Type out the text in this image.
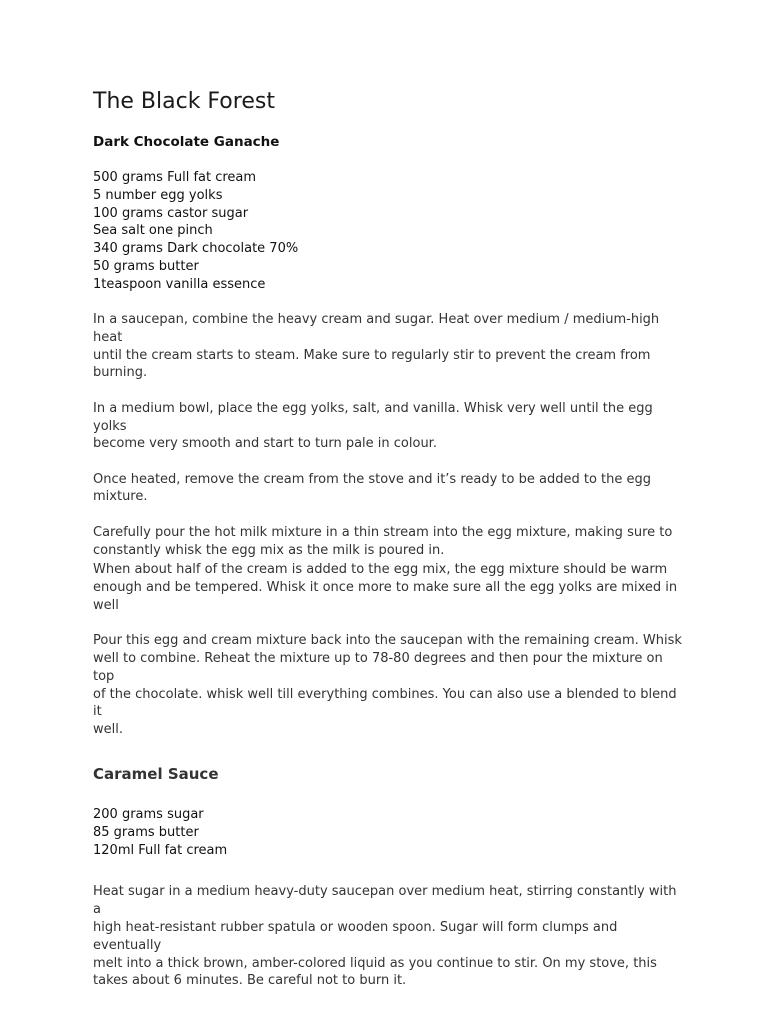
The Black Forest
Dark Chocolate Ganache
500 grams Full fat cream
5 number egg yolks
100 grams castor sugar
Sea salt one pinch
340 grams Dark chocolate 70%
50 grams butter
1teaspoon vanilla essence

In a saucepan, combine the heavy cream and sugar. Heat over medium / medium-high heat
until the cream starts to steam. Make sure to regularly stir to prevent the cream from
burning.

In a medium bowl, place the egg yolks, salt, and vanilla. Whisk very well until the egg yolks
become very smooth and start to turn pale in colour.

Once heated, remove the cream from the stove and it’s ready to be added to the egg
mixture.

Carefully pour the hot milk mixture in a thin stream into the egg mixture, making sure to
constantly whisk the egg mix as the milk is poured in.

When about half of the cream is added to the egg mix, the egg mixture should be warm
enough and be tempered. Whisk it once more to make sure all the egg yolks are mixed in
well

Pour this egg and cream mixture back into the saucepan with the remaining cream. Whisk
well to combine. Reheat the mixture up to 78-80 degrees and then pour the mixture on top
of the chocolate. whisk well till everything combines. You can also use a blended to blend it
well.

Caramel Sauce
200 grams sugar
85 grams butter
120ml Full fat cream

Heat sugar in a medium heavy-duty saucepan over medium heat, stirring constantly with a
high heat-resistant rubber spatula or wooden spoon. Sugar will form clumps and eventually
melt into a thick brown, amber-colored liquid as you continue to stir. On my stove, this
takes about 6 minutes. Be careful not to burn it.
